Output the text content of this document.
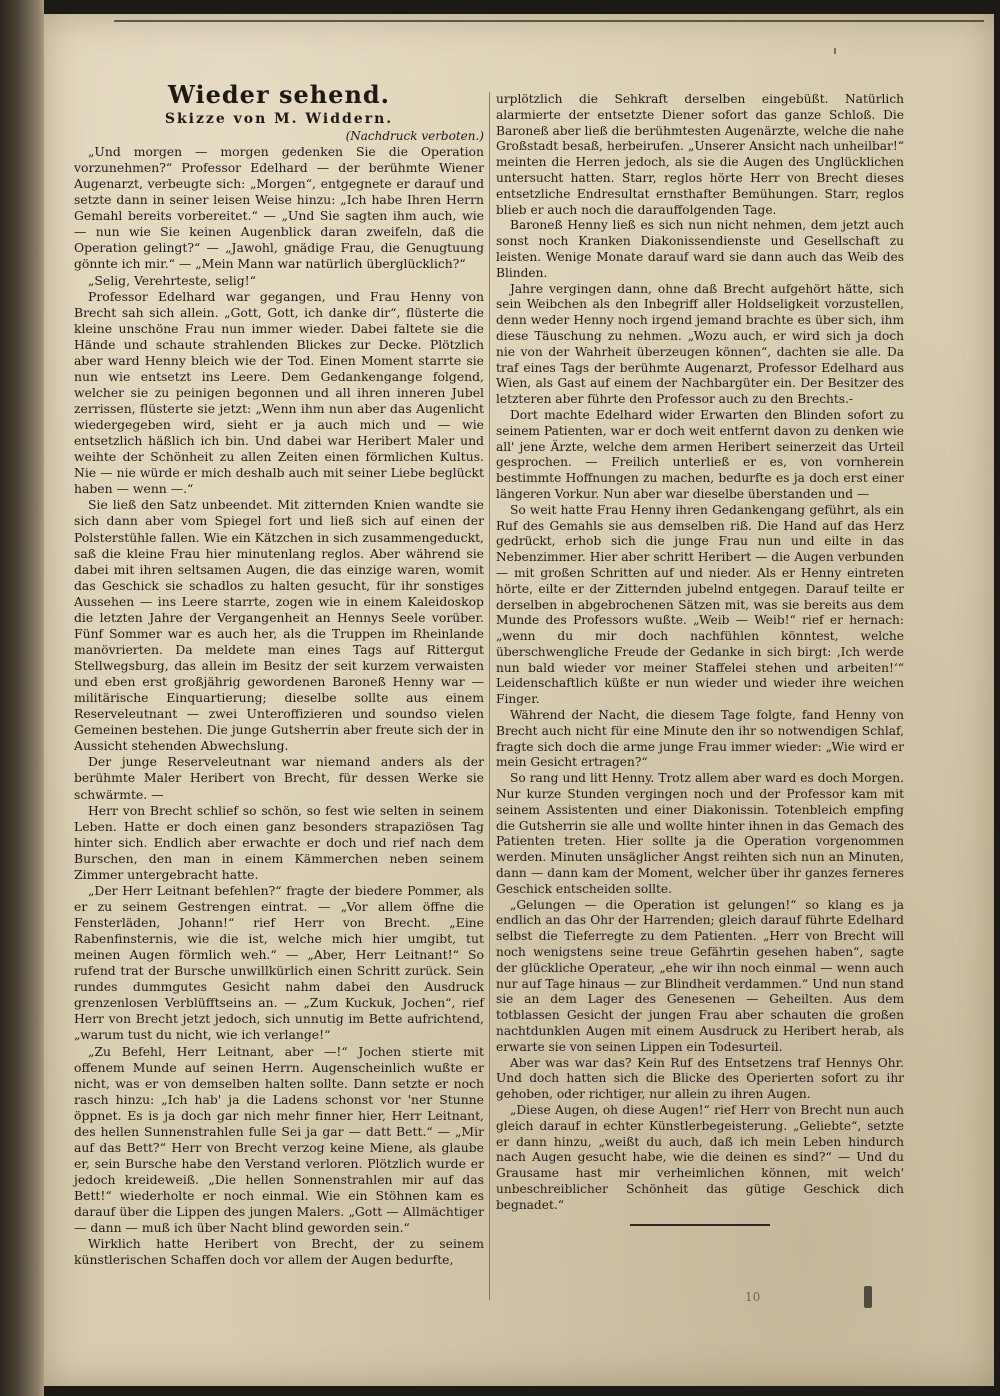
Wieder sehend.

Skizze von M. Widdern.

(Nachdruck verboten.)

„Und morgen — morgen gedenken Sie die Operation vorzunehmen?“ Professor Edelhard — der berühmte Wiener Augenarzt, verbeugte sich: „Morgen“, entgegnete er darauf und setzte dann in seiner leisen Weise hinzu: „Ich habe Ihren Herrn Gemahl bereits vorbereitet.“ — „Und Sie sagten ihm auch, wie — nun wie Sie keinen Augenblick daran zweifeln, daß die Operation gelingt?“ — „Jawohl, gnädige Frau, die Genugtuung gönnte ich mir.“ — „Mein Mann war natürlich überglücklich?“

„Selig, Verehrteste, selig!“

Professor Edelhard war gegangen, und Frau Henny von Brecht sah sich allein. „Gott, Gott, ich danke dir“, flüsterte die kleine unschöne Frau nun immer wieder. Dabei faltete sie die Hände und schaute strahlenden Blickes zur Decke. Plötzlich aber ward Henny bleich wie der Tod. Einen Moment starrte sie nun wie entsetzt ins Leere. Dem Gedankengange folgend, welcher sie zu peinigen begonnen und all ihren inneren Jubel zerrissen, flüsterte sie jetzt: „Wenn ihm nun aber das Augenlicht wiedergegeben wird, sieht er ja auch mich und — wie entsetzlich häßlich ich bin. Und dabei war Heribert Maler und weihte der Schönheit zu allen Zeiten einen förmlichen Kultus. Nie — nie würde er mich deshalb auch mit seiner Liebe beglückt haben — wenn —.“

Sie ließ den Satz unbeendet. Mit zitternden Knien wandte sie sich dann aber vom Spiegel fort und ließ sich auf einen der Polsterstühle fallen. Wie ein Kätzchen in sich zusammengeduckt, saß die kleine Frau hier minutenlang reglos. Aber während sie dabei mit ihren seltsamen Augen, die das einzige waren, womit das Geschick sie schadlos zu halten gesucht, für ihr sonstiges Aussehen — ins Leere starrte, zogen wie in einem Kaleidoskop die letzten Jahre der Vergangenheit an Hennys Seele vorüber. Fünf Sommer war es auch her, als die Truppen im Rheinlande manövrierten. Da meldete man eines Tags auf Rittergut Stellwegsburg, das allein im Besitz der seit kurzem verwaisten und eben erst großjährig gewordenen Baroneß Henny war — militärische Einquartierung; dieselbe sollte aus einem Reserveleutnant — zwei Unteroffizieren und soundso vielen Gemeinen bestehen. Die junge Gutsherrin aber freute sich der in Aussicht stehenden Abwechslung.

Der junge Reserveleutnant war niemand anders als der berühmte Maler Heribert von Brecht, für dessen Werke sie schwärmte. —

Herr von Brecht schlief so schön, so fest wie selten in seinem Leben. Hatte er doch einen ganz besonders strapaziösen Tag hinter sich. Endlich aber erwachte er doch und rief nach dem Burschen, den man in einem Kämmerchen neben seinem Zimmer untergebracht hatte.

„Der Herr Leitnant befehlen?“ fragte der biedere Pommer, als er zu seinem Gestrengen eintrat. — „Vor allem öffne die Fensterläden, Johann!“ rief Herr von Brecht. „Eine Rabenfinsternis, wie die ist, welche mich hier umgibt, tut meinen Augen förmlich weh.“ — „Aber, Herr Leitnant!“ So rufend trat der Bursche unwillkürlich einen Schritt zurück. Sein rundes dummgutes Gesicht nahm dabei den Ausdruck grenzenlosen Verblüfftseins an. — „Zum Kuckuk, Jochen“, rief Herr von Brecht jetzt jedoch, sich unnutig im Bette aufrichtend, „warum tust du nicht, wie ich verlange!“

„Zu Befehl, Herr Leitnant, aber —!“ Jochen stierte mit offenem Munde auf seinen Herrn. Augenscheinlich wußte er nicht, was er von demselben halten sollte. Dann setzte er noch rasch hinzu: „Ich hab' ja die Ladens schonst vor 'ner Stunne öppnet. Es is ja doch gar nich mehr finner hier, Herr Leitnant, des hellen Sunnenstrahlen fulle Sei ja gar — datt Bett.“ — „Mir auf das Bett?“ Herr von Brecht verzog keine Miene, als glaube er, sein Bursche habe den Verstand verloren. Plötzlich wurde er jedoch kreideweiß. „Die hellen Sonnenstrahlen mir auf das Bett!“ wiederholte er noch einmal. Wie ein Stöhnen kam es darauf über die Lippen des jungen Malers. „Gott — Allmächtiger — dann — muß ich über Nacht blind geworden sein.“

Wirklich hatte Heribert von Brecht, der zu seinem künstlerischen Schaffen doch vor allem der Augen bedurfte,

urplötzlich die Sehkraft derselben eingebüßt. Natürlich alarmierte der entsetzte Diener sofort das ganze Schloß. Die Baroneß aber ließ die berühmtesten Augenärzte, welche die nahe Großstadt besaß, herbeirufen. „Unserer Ansicht nach unheilbar!“ meinten die Herren jedoch, als sie die Augen des Unglücklichen untersucht hatten. Starr, reglos hörte Herr von Brecht dieses entsetzliche Endresultat ernsthafter Bemühungen. Starr, reglos blieb er auch noch die darauffolgenden Tage.

Baroneß Henny ließ es sich nun nicht nehmen, dem jetzt auch sonst noch Kranken Diakonissendienste und Gesellschaft zu leisten. Wenige Monate darauf ward sie dann auch das Weib des Blinden.

Jahre vergingen dann, ohne daß Brecht aufgehört hätte, sich sein Weibchen als den Inbegriff aller Holdseligkeit vorzustellen, denn weder Henny noch irgend jemand brachte es über sich, ihm diese Täuschung zu nehmen. „Wozu auch, er wird sich ja doch nie von der Wahrheit überzeugen können“, dachten sie alle. Da traf eines Tags der berühmte Augenarzt, Professor Edelhard aus Wien, als Gast auf einem der Nachbargüter ein. Der Besitzer des letzteren aber führte den Professor auch zu den Brechts.-

Dort machte Edelhard wider Erwarten den Blinden sofort zu seinem Patienten, war er doch weit entfernt davon zu denken wie all' jene Ärzte, welche dem armen Heribert seinerzeit das Urteil gesprochen. — Freilich unterließ er es, von vornherein bestimmte Hoffnungen zu machen, bedurfte es ja doch erst einer längeren Vorkur. Nun aber war dieselbe überstanden und —

So weit hatte Frau Henny ihren Gedankengang geführt, als ein Ruf des Gemahls sie aus demselben riß. Die Hand auf das Herz gedrückt, erhob sich die junge Frau nun und eilte in das Nebenzimmer. Hier aber schritt Heribert — die Augen verbunden — mit großen Schritten auf und nieder. Als er Henny eintreten hörte, eilte er der Zitternden jubelnd entgegen. Darauf teilte er derselben in abgebrochenen Sätzen mit, was sie bereits aus dem Munde des Professors wußte. „Weib — Weib!“ rief er hernach: „wenn du mir doch nachfühlen könntest, welche überschwengliche Freude der Gedanke in sich birgt: ‚Ich werde nun bald wieder vor meiner Staffelei stehen und arbeiten!‘“ Leidenschaftlich küßte er nun wieder und wieder ihre weichen Finger.

Während der Nacht, die diesem Tage folgte, fand Henny von Brecht auch nicht für eine Minute den ihr so notwendigen Schlaf, fragte sich doch die arme junge Frau immer wieder: „Wie wird er mein Gesicht ertragen?“

So rang und litt Henny. Trotz allem aber ward es doch Morgen. Nur kurze Stunden vergingen noch und der Professor kam mit seinem Assistenten und einer Diakonissin. Totenbleich empfing die Gutsherrin sie alle und wollte hinter ihnen in das Gemach des Patienten treten. Hier sollte ja die Operation vorgenommen werden. Minuten unsäglicher Angst reihten sich nun an Minuten, dann — dann kam der Moment, welcher über ihr ganzes ferneres Geschick entscheiden sollte.

„Gelungen — die Operation ist gelungen!“ so klang es ja endlich an das Ohr der Harrenden; gleich darauf führte Edelhard selbst die Tieferregte zu dem Patienten. „Herr von Brecht will noch wenigstens seine treue Gefährtin gesehen haben“, sagte der glückliche Operateur, „ehe wir ihn noch einmal — wenn auch nur auf Tage hinaus — zur Blindheit verdammen.“ Und nun stand sie an dem Lager des Genesenen — Geheilten. Aus dem totblassen Gesicht der jungen Frau aber schauten die großen nachtdunklen Augen mit einem Ausdruck zu Heribert herab, als erwarte sie von seinen Lippen ein Todesurteil.

Aber was war das? Kein Ruf des Entsetzens traf Hennys Ohr. Und doch hatten sich die Blicke des Operierten sofort zu ihr gehoben, oder richtiger, nur allein zu ihren Augen.

„Diese Augen, oh diese Augen!“ rief Herr von Brecht nun auch gleich darauf in echter Künstlerbegeisterung. „Geliebte“, setzte er dann hinzu, „weißt du auch, daß ich mein Leben hindurch nach Augen gesucht habe, wie die deinen es sind?“ — Und du Grausame hast mir verheimlichen können, mit welch' unbeschreiblicher Schönheit das gütige Geschick dich begnadet.“

10
